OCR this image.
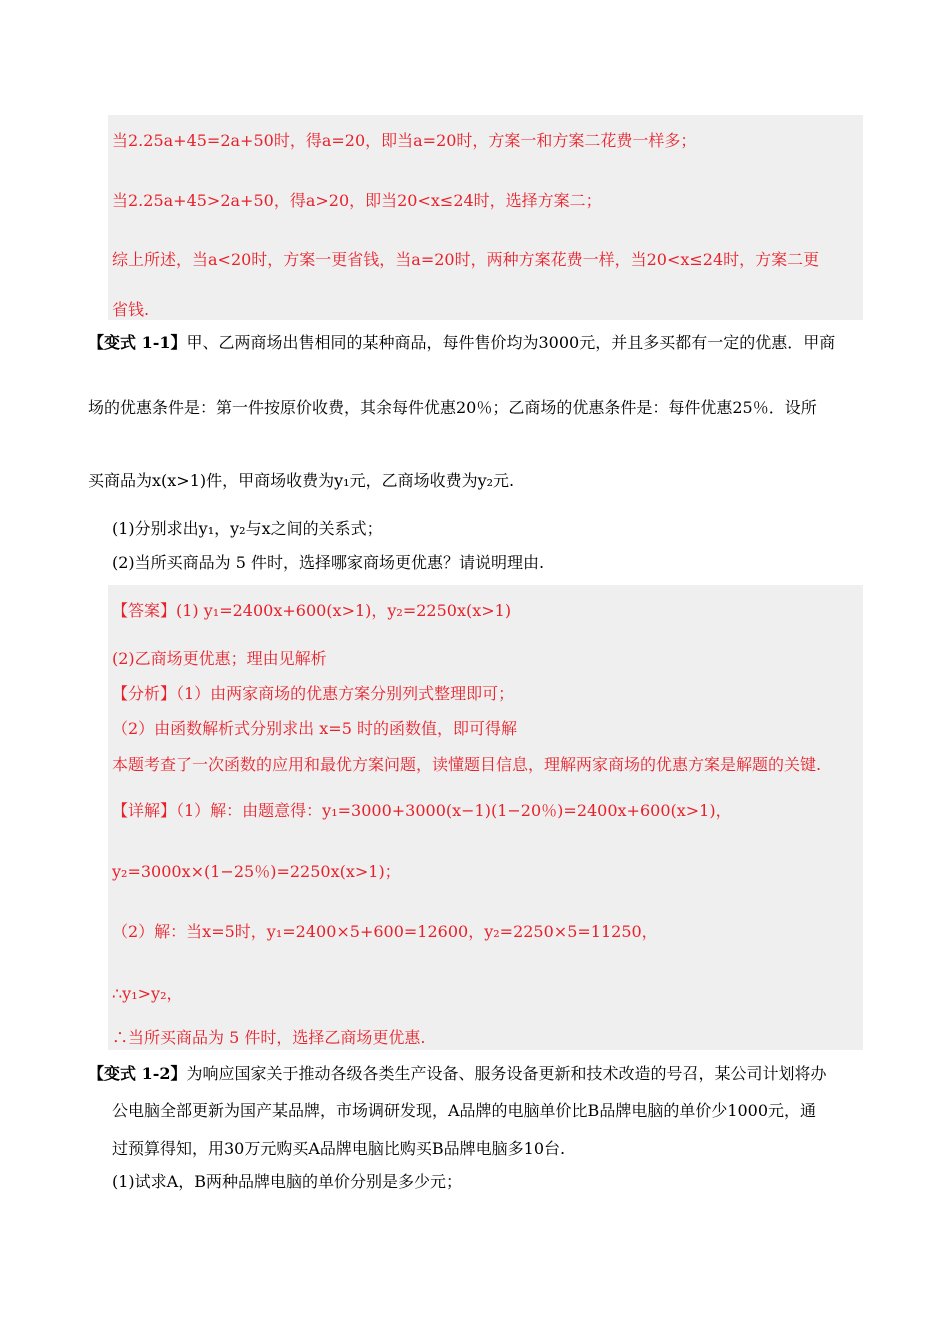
当2.25a+45=2a+50时，得a=20，即当a=20时，方案一和方案二花费一样多；
当2.25a+45>2a+50，得a>20，即当20<x≤24时，选择方案二；
综上所述，当a<20时，方案一更省钱，当a=20时，两种方案花费一样，当20<x≤24时，方案二更
省钱.
【变式 1-1】甲、乙两商场出售相同的某种商品，每件售价均为3000元，并且多买都有一定的优惠．甲商
场的优惠条件是：第一件按原价收费，其余每件优惠20％；乙商场的优惠条件是：每件优惠25％．设所
买商品为x(x>1)件，甲商场收费为y₁元，乙商场收费为y₂元.
(1)分别求出y₁，y₂与x之间的关系式；
(2)当所买商品为 5 件时，选择哪家商场更优惠？请说明理由.
【答案】(1) y₁=2400x+600(x>1)，y₂=2250x(x>1)
(2)乙商场更优惠；理由见解析
【分析】（1）由两家商场的优惠方案分别列式整理即可；
（2）由函数解析式分别求出 x=5 时的函数值，即可得解
本题考查了一次函数的应用和最优方案问题，读懂题目信息，理解两家商场的优惠方案是解题的关键.
【详解】（1）解：由题意得：y₁=3000+3000(x−1)(1−20％)=2400x+600(x>1)，
y₂=3000x×(1−25％)=2250x(x>1)；
（2）解：当x=5时，y₁=2400×5+600=12600，y₂=2250×5=11250，
∴y₁>y₂，
∴当所买商品为 5 件时，选择乙商场更优惠.
【变式 1-2】为响应国家关于推动各级各类生产设备、服务设备更新和技术改造的号召，某公司计划将办
公电脑全部更新为国产某品牌，市场调研发现，A品牌的电脑单价比B品牌电脑的单价少1000元，通
过预算得知，用30万元购买A品牌电脑比购买B品牌电脑多10台.
(1)试求A，B两种品牌电脑的单价分别是多少元；
